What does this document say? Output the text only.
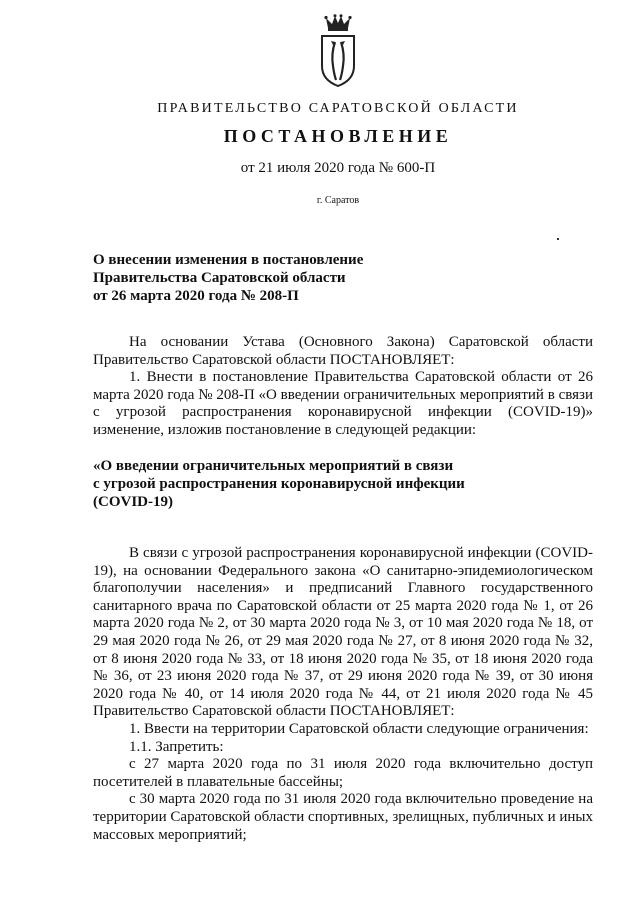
ПРАВИТЕЛЬСТВО САРАТОВСКОЙ ОБЛАСТИ
ПОСТАНОВЛЕНИЕ
от 21 июля 2020 года № 600-П
г. Саратов
О внесении изменения в постановление
Правительства Саратовской области
от 26 марта 2020 года № 208-П

На основании Устава (Основного Закона) Саратовской области Правительство Саратовской области ПОСТАНОВЛЯЕТ:

1. Внести в постановление Правительства Саратовской области от 26 марта 2020 года № 208-П «О введении ограничительных мероприятий в связи с угрозой распространения коронавирусной инфекции (COVID-19)» изменение, изложив постановление в следующей редакции:

«О введении ограничительных мероприятий в связи
с угрозой распространения коронавирусной инфекции
(COVID-19)

В связи с угрозой распространения коронавирусной инфекции (COVID-19), на основании Федерального закона «О санитарно-эпидемиологическом благополучии населения» и предписаний Главного государственного санитарного врача по Саратовской области от 25 марта 2020 года № 1, от 26 марта 2020 года № 2, от 30 марта 2020 года № 3, от 10 мая 2020 года № 18, от 29 мая 2020 года № 26, от 29 мая 2020 года № 27, от 8 июня 2020 года № 32, от 8 июня 2020 года № 33, от 18 июня 2020 года № 35, от 18 июня 2020 года № 36, от 23 июня 2020 года № 37, от 29 июня 2020 года № 39, от 30 июня 2020 года № 40, от 14 июля 2020 года № 44, от 21 июля 2020 года № 45 Правительство Саратовской области ПОСТАНОВЛЯЕТ:

1. Ввести на территории Саратовской области следующие ограничения:

1.1. Запретить:

с 27 марта 2020 года по 31 июля 2020 года включительно доступ посетителей в плавательные бассейны;

с 30 марта 2020 года по 31 июля 2020 года включительно проведение на территории Саратовской области спортивных, зрелищных, публичных и иных массовых мероприятий;
